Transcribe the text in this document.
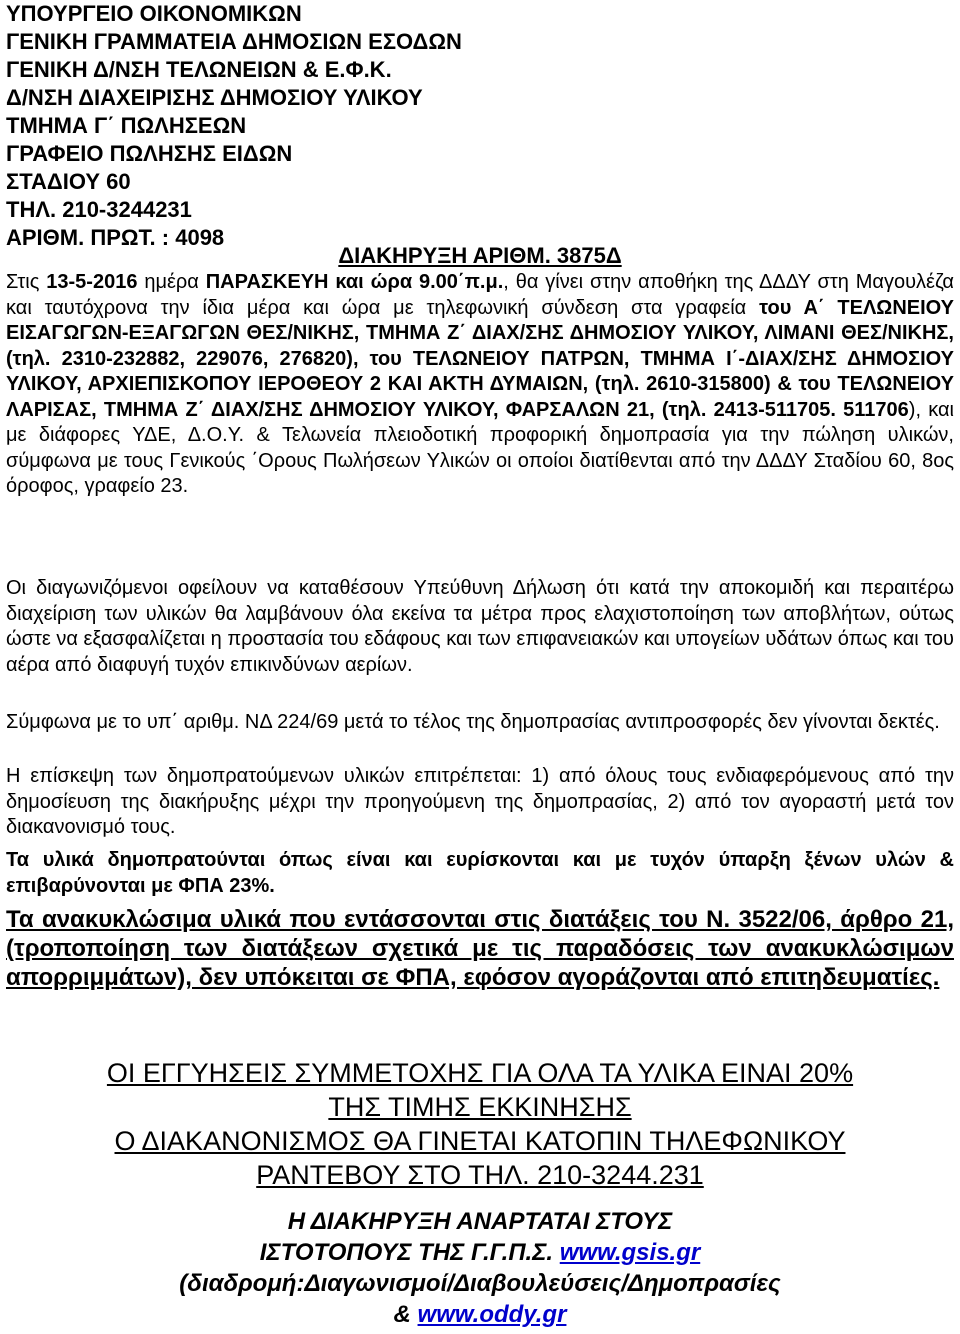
ΥΠΟΥΡΓΕΙΟ ΟΙΚΟΝΟΜΙΚΩΝ
ΓΕΝΙΚΗ ΓΡΑΜΜΑΤΕΙΑ ΔΗΜΟΣΙΩΝ ΕΣΟΔΩΝ
ΓΕΝΙΚΗ Δ/ΝΣΗ ΤΕΛΩΝΕΙΩΝ & Ε.Φ.Κ.
Δ/ΝΣΗ ΔΙΑΧΕΙΡΙΣΗΣ ΔΗΜΟΣΙΟΥ ΥΛΙΚΟΥ
ΤΜΗΜΑ Γ΄ ΠΩΛΗΣΕΩΝ
ΓΡΑΦΕΙΟ ΠΩΛΗΣΗΣ ΕΙΔΩΝ
ΣΤΑΔΙΟΥ 60
ΤΗΛ. 210-3244231
ΑΡΙΘΜ. ΠΡΩΤ. : 4098
ΔΙΑΚΗΡΥΞΗ ΑΡΙΘΜ. 3875Δ
Στις 13-5-2016 ημέρα ΠΑΡΑΣΚΕΥΗ και ώρα 9.00΄π.μ., θα γίνει στην αποθήκη της ΔΔΔΥ στη Μαγουλέζα και ταυτόχρονα την ίδια μέρα και ώρα με τηλεφωνική σύνδεση στα γραφεία του Α΄ ΤΕΛΩΝΕΙΟΥ ΕΙΣΑΓΩΓΩΝ-ΕΞΑΓΩΓΩΝ ΘΕΣ/ΝΙΚΗΣ, ΤΜΗΜΑ Ζ΄ ΔΙΑΧ/ΣΗΣ ΔΗΜΟΣΙΟΥ ΥΛΙΚΟΥ, ΛΙΜΑΝΙ ΘΕΣ/ΝΙΚΗΣ, (τηλ. 2310-232882, 229076, 276820), του ΤΕΛΩΝΕΙΟΥ ΠΑΤΡΩΝ, ΤΜΗΜΑ Ι΄-ΔΙΑΧ/ΣΗΣ ΔΗΜΟΣΙΟΥ ΥΛΙΚΟΥ, ΑΡΧΙΕΠΙΣΚΟΠΟΥ ΙΕΡΟΘΕΟΥ 2 ΚΑΙ ΑΚΤΗ ΔΥΜΑΙΩΝ, (τηλ. 2610-315800) & του ΤΕΛΩΝΕΙΟΥ ΛΑΡΙΣΑΣ, ΤΜΗΜΑ Ζ΄ ΔΙΑΧ/ΣΗΣ ΔΗΜΟΣΙΟΥ ΥΛΙΚΟΥ, ΦΑΡΣΑΛΩΝ 21, (τηλ. 2413-511705. 511706), και με διάφορες ΥΔΕ, Δ.Ο.Υ. & Τελωνεία πλειοδοτική προφορική δημοπρασία για την πώληση υλικών, σύμφωνα με τους Γενικούς ΄Ορους Πωλήσεων Υλικών οι οποίοι διατίθενται από την ΔΔΔΥ Σταδίου 60, 8ος όροφος, γραφείο 23.
Οι διαγωνιζόμενοι οφείλουν να καταθέσουν Υπεύθυνη Δήλωση ότι κατά την αποκομιδή και περαιτέρω διαχείριση των υλικών θα λαμβάνουν όλα εκείνα τα μέτρα προς ελαχιστοποίηση των αποβλήτων, ούτως ώστε να εξασφαλίζεται η προστασία του εδάφους και των επιφανειακών και υπογείων υδάτων όπως και του αέρα από διαφυγή τυχόν επικινδύνων αερίων.
Σύμφωνα με το υπ΄ αριθμ. ΝΔ 224/69 μετά το τέλος της δημοπρασίας αντιπροσφορές δεν γίνονται δεκτές.
Η επίσκεψη των δημοπρατούμενων υλικών επιτρέπεται: 1) από όλους τους ενδιαφερόμενους από την δημοσίευση της διακήρυξης μέχρι την προηγούμενη της δημοπρασίας, 2) από τον αγοραστή μετά τον διακανονισμό τους.
Τα υλικά δημοπρατούνται όπως είναι και ευρίσκονται και με τυχόν ύπαρξη ξένων υλών & επιβαρύνονται με ΦΠΑ 23%.
Τα ανακυκλώσιμα υλικά που εντάσσονται στις διατάξεις του Ν. 3522/06, άρθρο 21, (τροποποίηση των διατάξεων σχετικά με τις παραδόσεις των ανακυκλώσιμων απορριμμάτων), δεν υπόκειται σε ΦΠΑ, εφόσον αγοράζονται από επιτηδευματίες.
ΟΙ ΕΓΓΥΗΣΕΙΣ ΣΥΜΜΕΤΟΧΗΣ ΓΙΑ ΟΛΑ ΤΑ ΥΛΙΚΑ ΕΙΝΑΙ 20%
ΤΗΣ ΤΙΜΗΣ ΕΚΚΙΝΗΣΗΣ
Ο ΔΙΑΚΑΝΟΝΙΣΜΟΣ ΘΑ ΓΙΝΕΤΑΙ ΚΑΤΟΠΙΝ ΤΗΛΕΦΩΝΙΚΟΥ
ΡΑΝΤΕΒΟΥ ΣΤΟ ΤΗΛ. 210-3244.231
Η ΔΙΑΚΗΡΥΞΗ ΑΝΑΡΤΑΤΑΙ ΣΤΟΥΣ
ΙΣΤΟΤΟΠΟΥΣ ΤΗΣ Γ.Γ.Π.Σ. www.gsis.gr
(διαδρομή:Διαγωνισμοί/Διαβουλεύσεις/Δημοπρασίες
& www.oddy.gr
